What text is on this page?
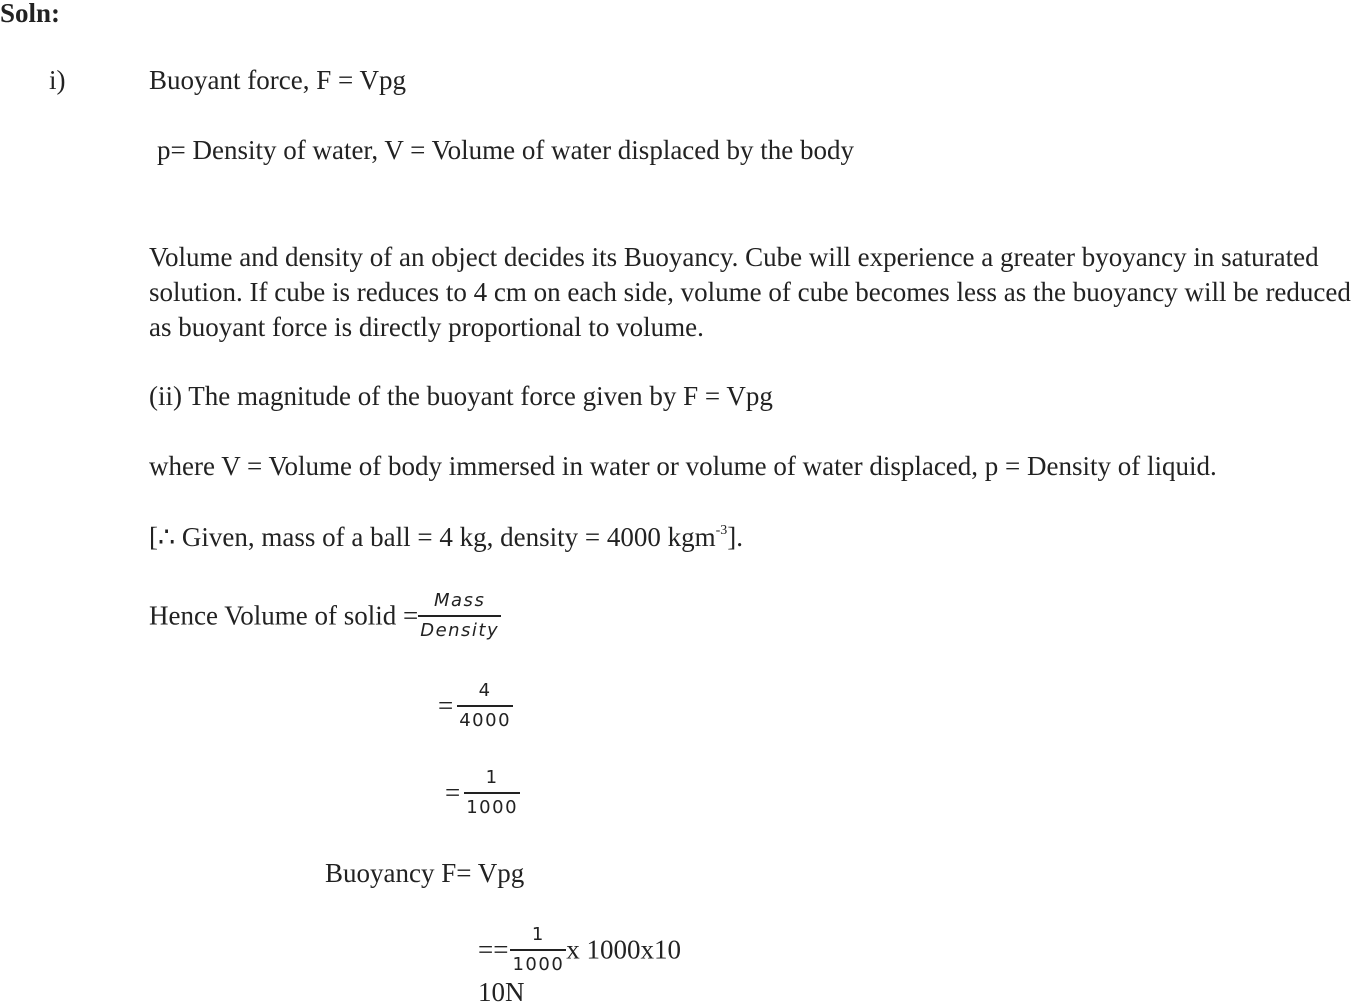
Soln:
i)	Buoyant force, F = Vpg
p= Density of water, V = Volume of water displaced by the body
Volume and density of an object decides its Buoyancy. Cube will experience a greater byoyancy in saturated solution. If cube is reduces to 4 cm on each side, volume of cube becomes less as the buoyancy will be reduced as buoyant force is directly proportional to volume.
(ii) The magnitude of the buoyant force given by F = Vpg
where V = Volume of body immersed in water or volume of water displaced, p = Density of liquid.
[∴ Given, mass of a ball = 4 kg, density = 4000 kgm$^{-3}$].
Hence Volume of solid = $\frac{\text{Mass}}{\text{Density}}$
= $\frac{4}{4000}$
= $\frac{1}{1000}$
Buoyancy F= Vpg
== $\frac{1}{1000}$ x 1000x10
10N
